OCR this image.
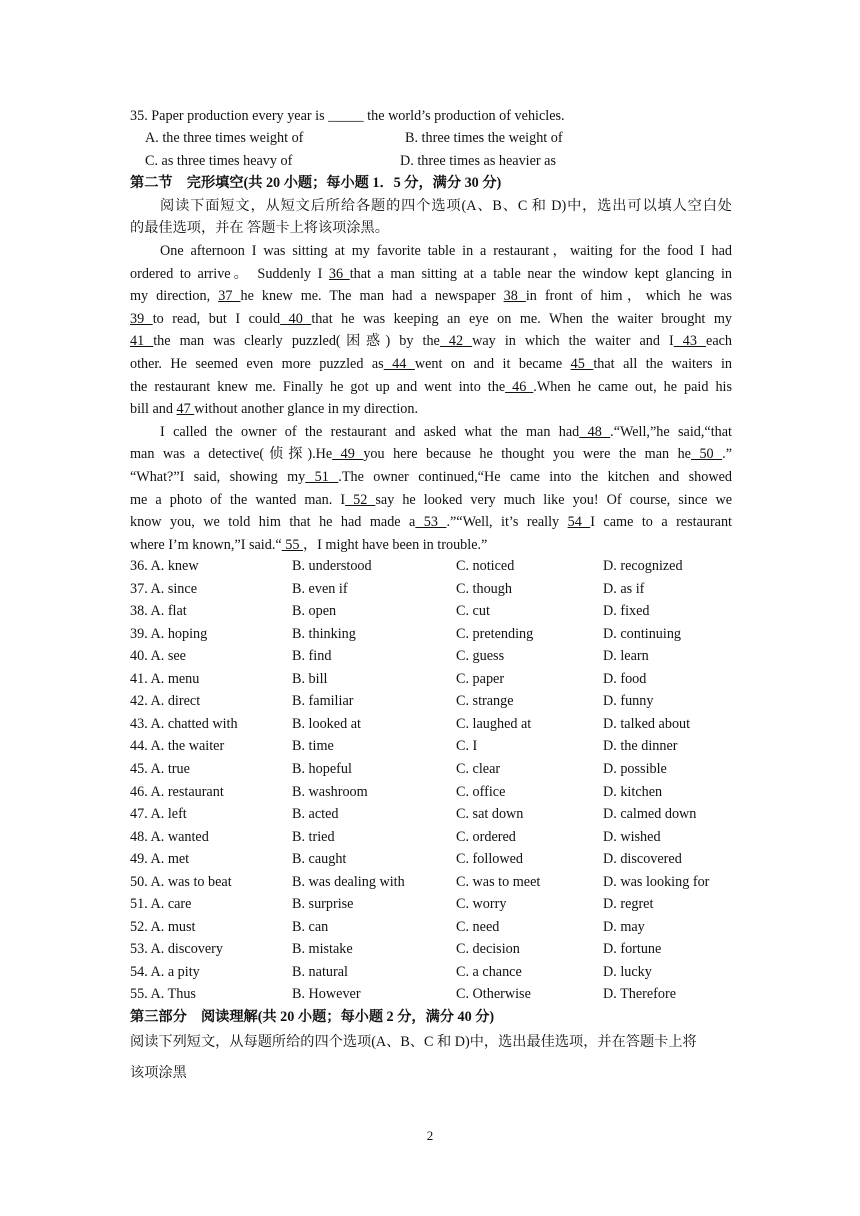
35. Paper production every year is _____ the world’s production of vehicles.
A. the three times weight of	B. three times the weight of
C. as three times heavy of	D. three times as heavier as
第二节　完形填空(共 20 小题；每小题 1．5 分，满分 30 分)
阅读下面短文，从短文后所给各题的四个选项(A、B、C 和 D)中，选出可以填人空白处
的最佳选项，并在 答题卡上将该项涂黑。
One afternoon I was sitting at my favorite table in a restaurant，waiting for the food I had
ordered to arrive。 Suddenly I 36 that a man sitting at a table near the window kept glancing in
my direction, 37 he knew me. The man had a newspaper 38 in front of him，which he was
39 to read, but I could 40 that he was keeping an eye on me. When the waiter brought my
41 the man was clearly puzzled(困惑) by the 42 way in which the waiter and I 43 each
other. He seemed even more puzzled as 44 went on and it became 45 that all the waiters in
the restaurant knew me. Finally he got up and went into the 46 .When he came out, he paid his
bill and 47 without another glance in my direction.
I called the owner of the restaurant and asked what the man had 48 .“Well,”he said,“that
man was a detective(侦探).He 49 you here because he thought you were the man he 50 .”
“What?”I said, showing my 51 .The owner continued,“He came into the kitchen and showed
me a photo of the wanted man. I 52 say he looked very much like you! Of course, since we
know you, we told him that he had made a 53 .”“Well, it’s really 54 I came to a restaurant
where I’m known,”I said.“ 55 ，I might have been in trouble.”
36. A. knew	B. understood	C. noticed	D. recognized
37. A. since	B. even if	C. though	D. as if
38. A. flat	B. open	C. cut	D. fixed
39. A. hoping	B. thinking	C. pretending	D. continuing
40. A. see	B. find	C. guess	D. learn
41. A. menu	B. bill	C. paper	D. food
42. A. direct	B. familiar	C. strange	D. funny
43. A. chatted with	B. looked at	C. laughed at	D. talked about
44. A. the waiter	B. time	C. I	D. the dinner
45. A. true	B. hopeful	C. clear	D. possible
46. A. restaurant	B. washroom	C. office	D. kitchen
47. A. left	B. acted	C. sat down	D. calmed down
48. A. wanted	B. tried	C. ordered	D. wished
49. A. met	B. caught	C. followed	D. discovered
50. A. was to beat	B. was dealing with	C. was to meet	D. was looking for
51. A. care	B. surprise	C. worry	D. regret
52. A. must	B. can	C. need	D. may
53. A. discovery	B. mistake	C. decision	D. fortune
54. A. a pity	B. natural	C. a chance	D. lucky
55. A. Thus	B. However	C. Otherwise	D. Therefore
第三部分　阅读理解(共 20 小题；每小题 2 分，满分 40 分)
阅读下列短文，从每题所给的四个选项(A、B、C 和 D)中，选出最佳选项，并在答题卡上将
该项涂黑
2
